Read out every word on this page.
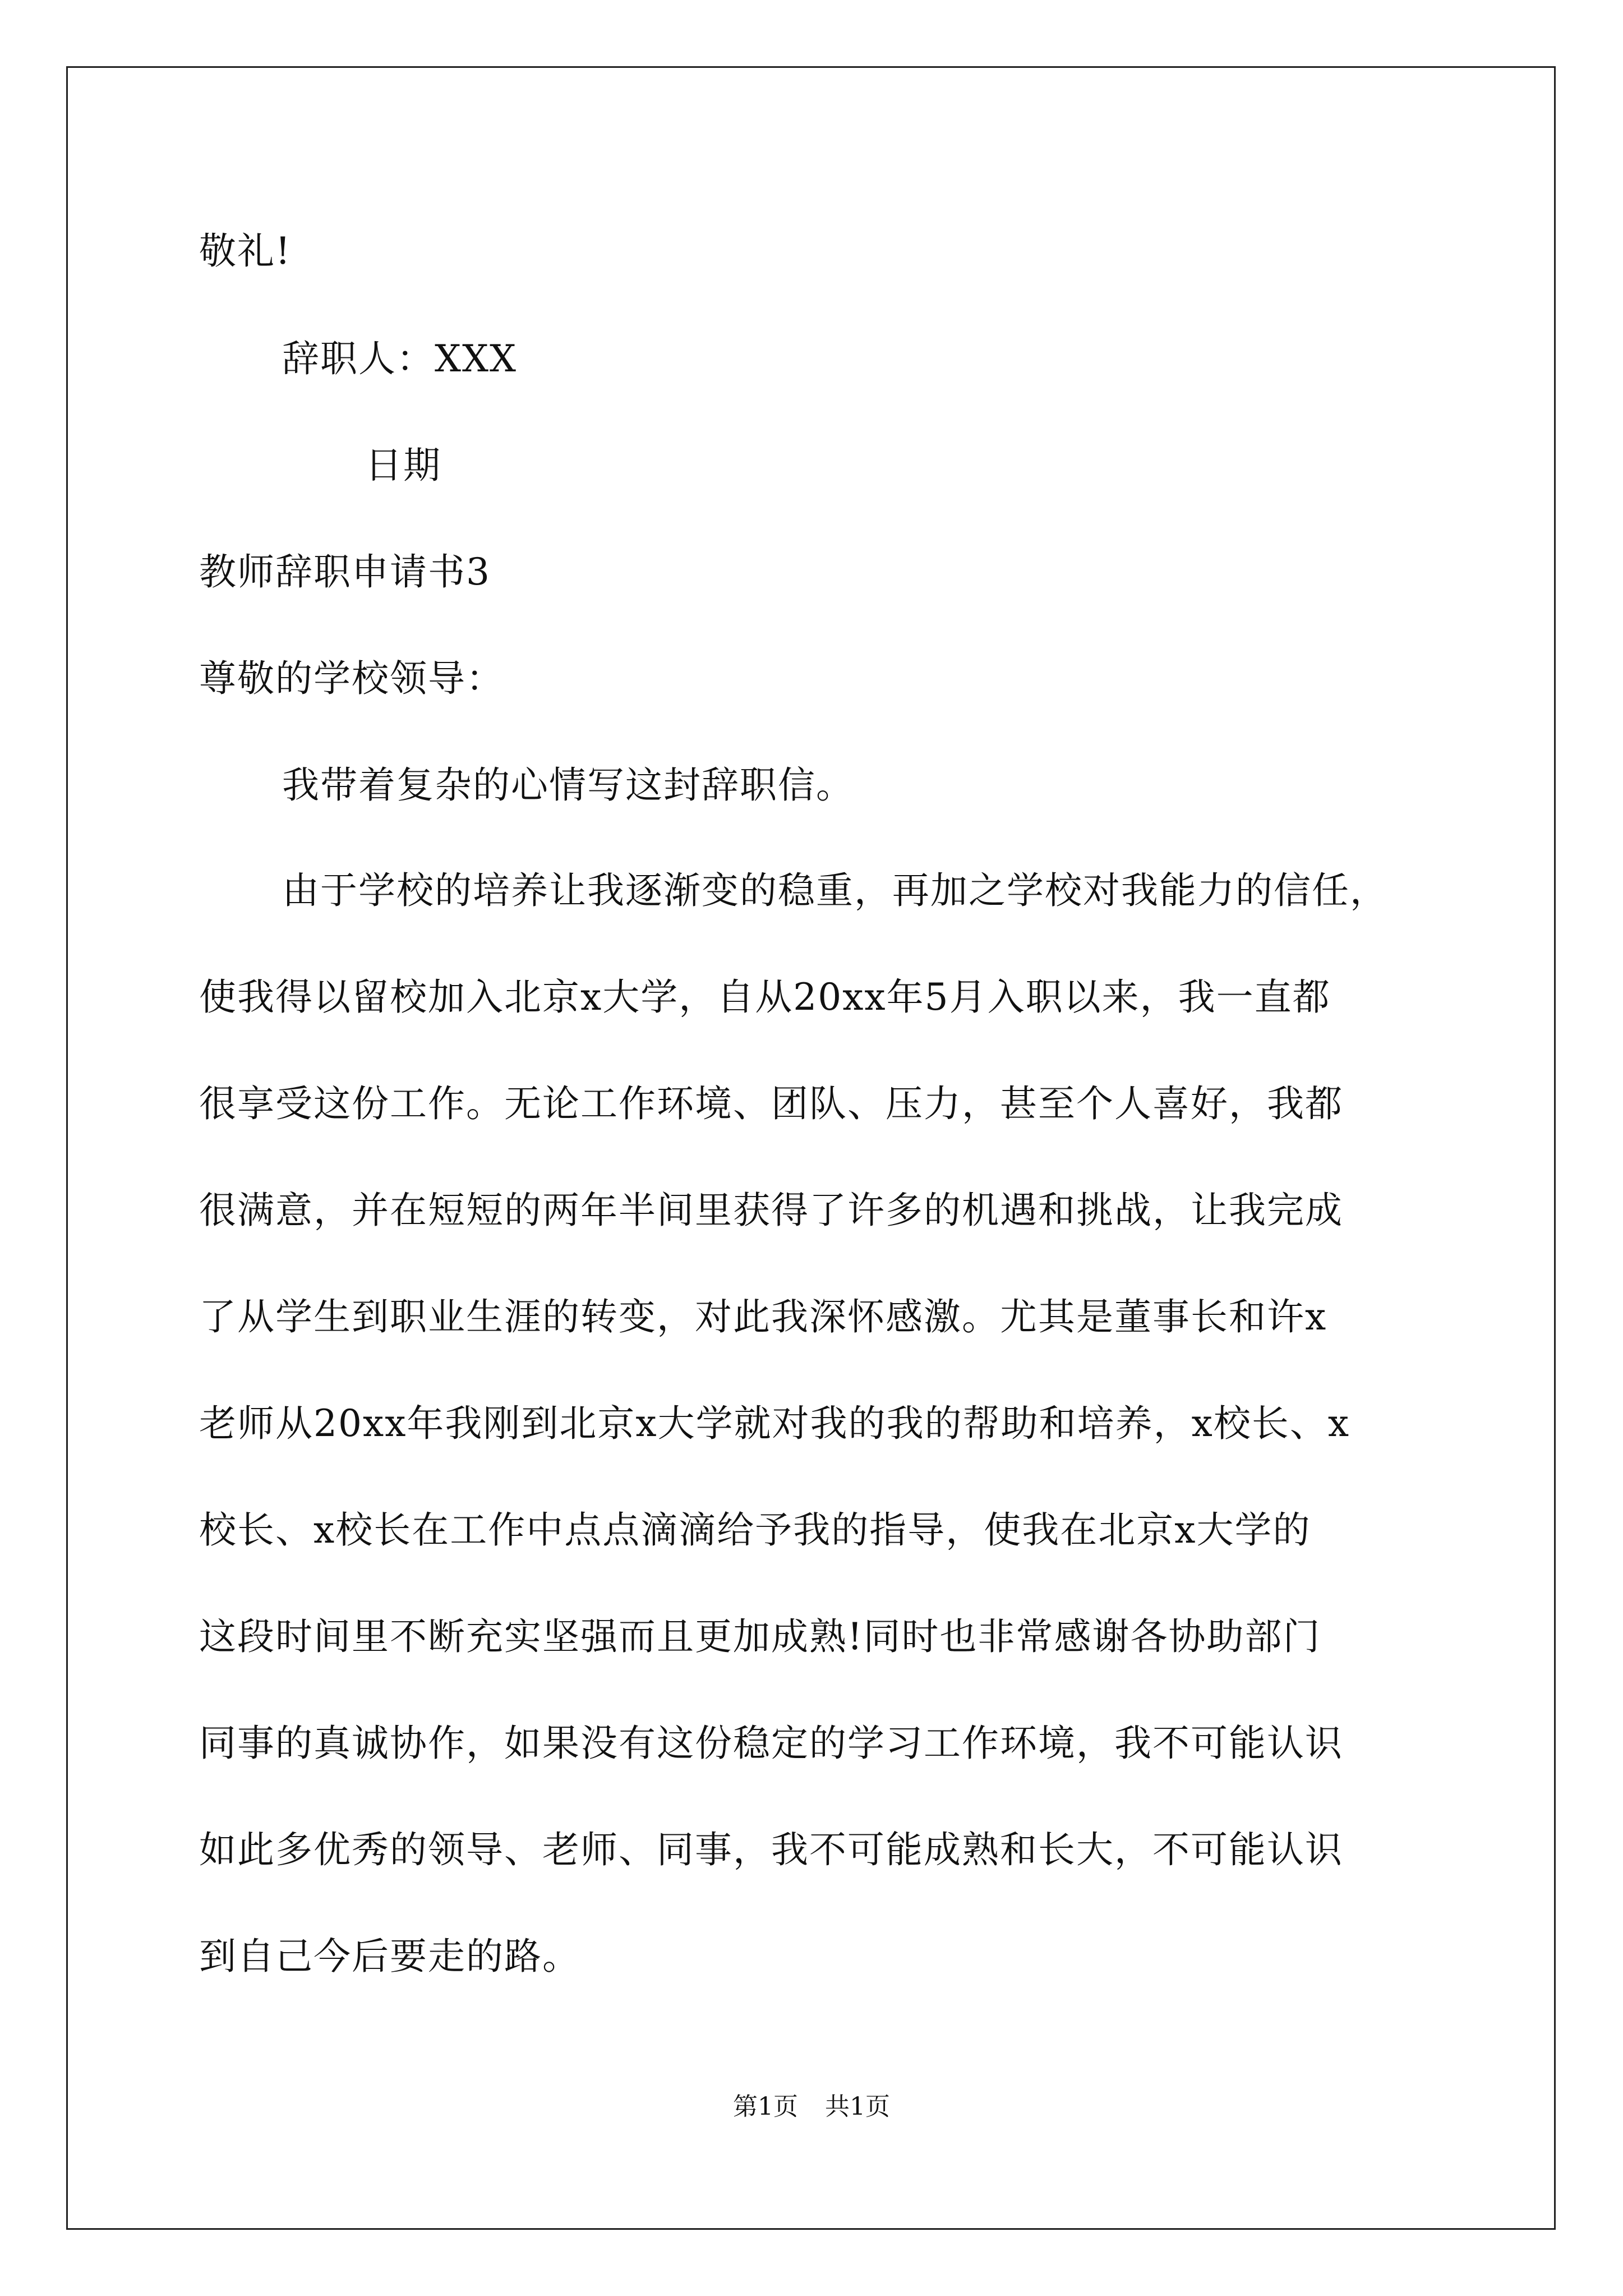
敬礼!
辞职人：XXX
日期
教师辞职申请书3
尊敬的学校领导：
我带着复杂的心情写这封辞职信。
由于学校的培养让我逐渐变的稳重，再加之学校对我能力的信任，
使我得以留校加入北京x大学，自从20xx年5月入职以来，我一直都
很享受这份工作。无论工作环境、团队、压力，甚至个人喜好，我都
很满意，并在短短的两年半间里获得了许多的机遇和挑战，让我完成
了从学生到职业生涯的转变，对此我深怀感激。尤其是董事长和许x
老师从20xx年我刚到北京x大学就对我的我的帮助和培养，x校长、x
校长、x校长在工作中点点滴滴给予我的指导，使我在北京x大学的
这段时间里不断充实坚强而且更加成熟!同时也非常感谢各协助部门
同事的真诚协作，如果没有这份稳定的学习工作环境，我不可能认识
如此多优秀的领导、老师、同事，我不可能成熟和长大，不可能认识
到自己今后要走的路。
第1页 共1页
